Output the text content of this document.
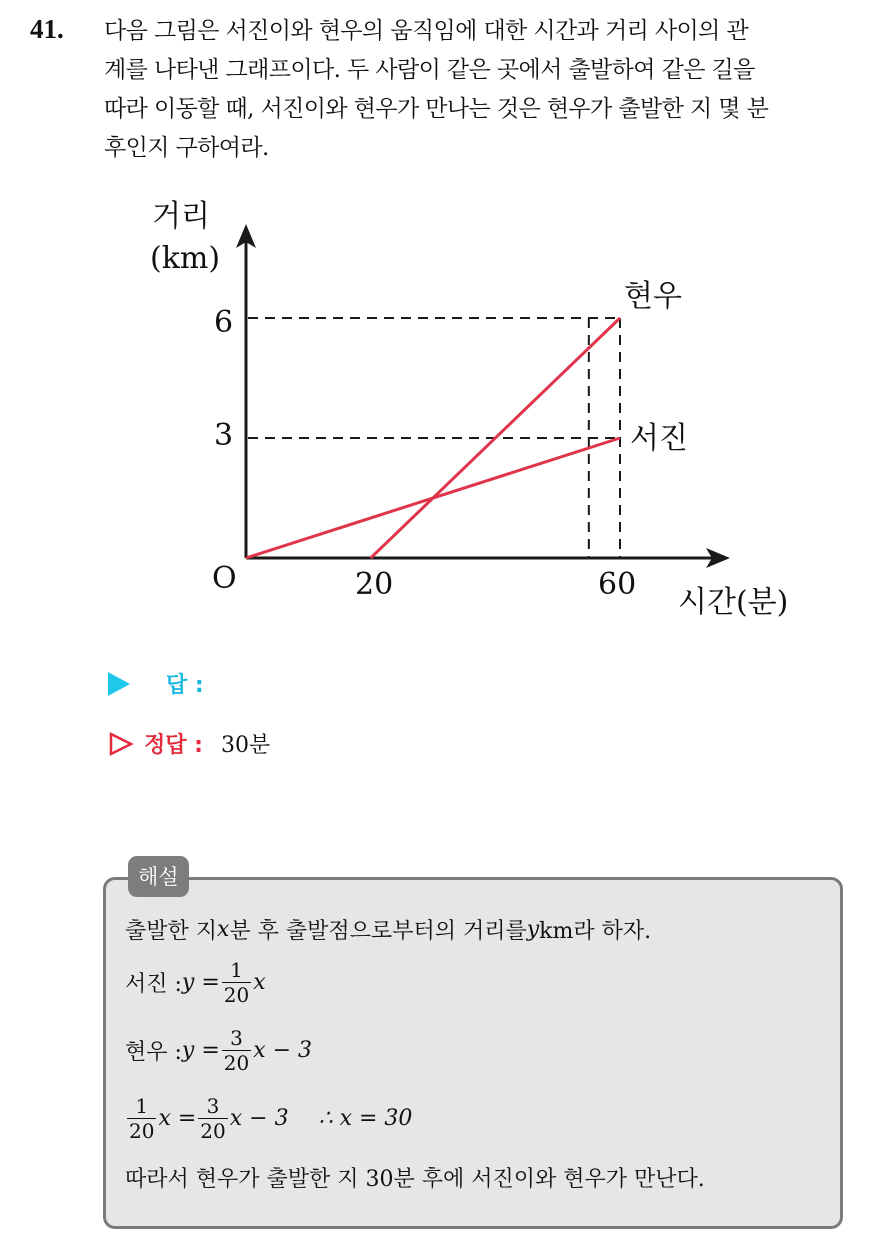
41. 다음 그림은 서진이와 현우의 움직임에 대한 시간과 거리 사이의 관
계를 나타낸 그래프이다. 두 사람이 같은 곳에서 출발하여 같은 길을
따라 이동할 때, 서진이와 현우가 만나는 것은 현우가 출발한 지 몇 분
후인지 구하여라.
거리
(km)
6
3
O	20	60
시간(분)
현우
서진
답 :
정답 : 30분
해설
출발한 지 x 분 후 출발점으로부터의 거리를 y km라 하자.
서진 : $y = \frac{1}{20}$ x
현우 : $y = \frac{3}{20}$ x − 3
$\frac{1}{20}$ $x = \frac{3}{20}$ x − 3 ∴ x = 30
따라서 현우가 출발한 지 30분 후에 서진이와 현우가 만난다.
